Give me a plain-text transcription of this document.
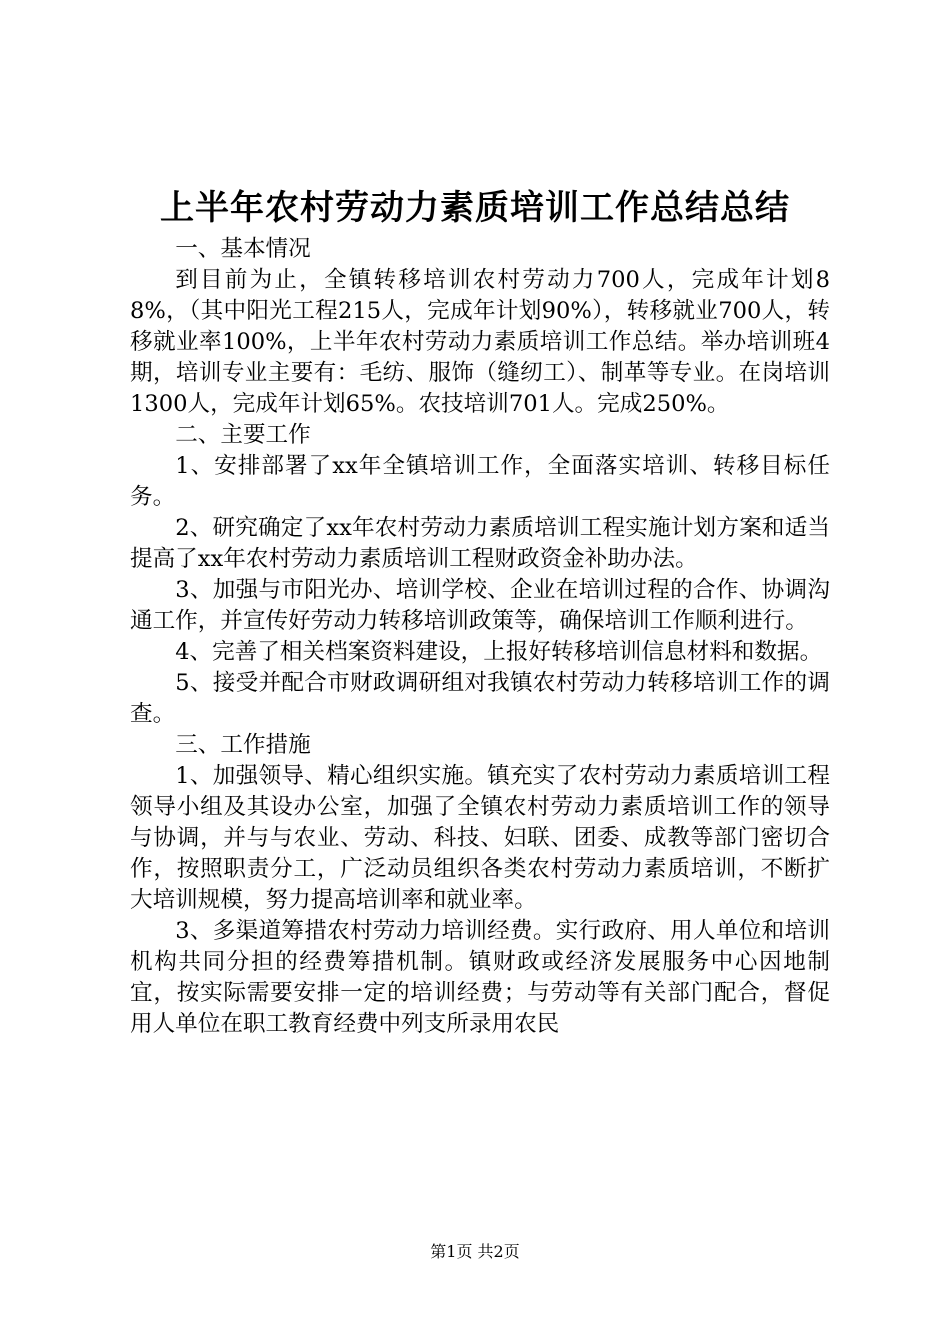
上半年农村劳动力素质培训工作总结总结

一、基本情况

到目前为止，全镇转移培训农村劳动力700人，完成年计划88%，（其中阳光工程215人，完成年计划90%），转移就业700人，转移就业率100%，上半年农村劳动力素质培训工作总结。举办培训班4期，培训专业主要有：毛纺、服饰（缝纫工）、制革等专业。在岗培训1300人，完成年计划65%。农技培训701人。完成250%。

二、主要工作

1、安排部署了xx年全镇培训工作，全面落实培训、转移目标任务。

2、研究确定了xx年农村劳动力素质培训工程实施计划方案和适当提高了xx年农村劳动力素质培训工程财政资金补助办法。

3、加强与市阳光办、培训学校、企业在培训过程的合作、协调沟通工作，并宣传好劳动力转移培训政策等，确保培训工作顺利进行。

4、完善了相关档案资料建设，上报好转移培训信息材料和数据。

5、接受并配合市财政调研组对我镇农村劳动力转移培训工作的调查。

三、工作措施

1、加强领导、精心组织实施。镇充实了农村劳动力素质培训工程领导小组及其设办公室，加强了全镇农村劳动力素质培训工作的领导与协调，并与与农业、劳动、科技、妇联、团委、成教等部门密切合作，按照职责分工，广泛动员组织各类农村劳动力素质培训，不断扩大培训规模，努力提高培训率和就业率。

3、多渠道筹措农村劳动力培训经费。实行政府、用人单位和培训机构共同分担的经费筹措机制。镇财政或经济发展服务中心因地制宜，按实际需要安排一定的培训经费；与劳动等有关部门配合，督促用人单位在职工教育经费中列支所录用农民

第1页 共2页
